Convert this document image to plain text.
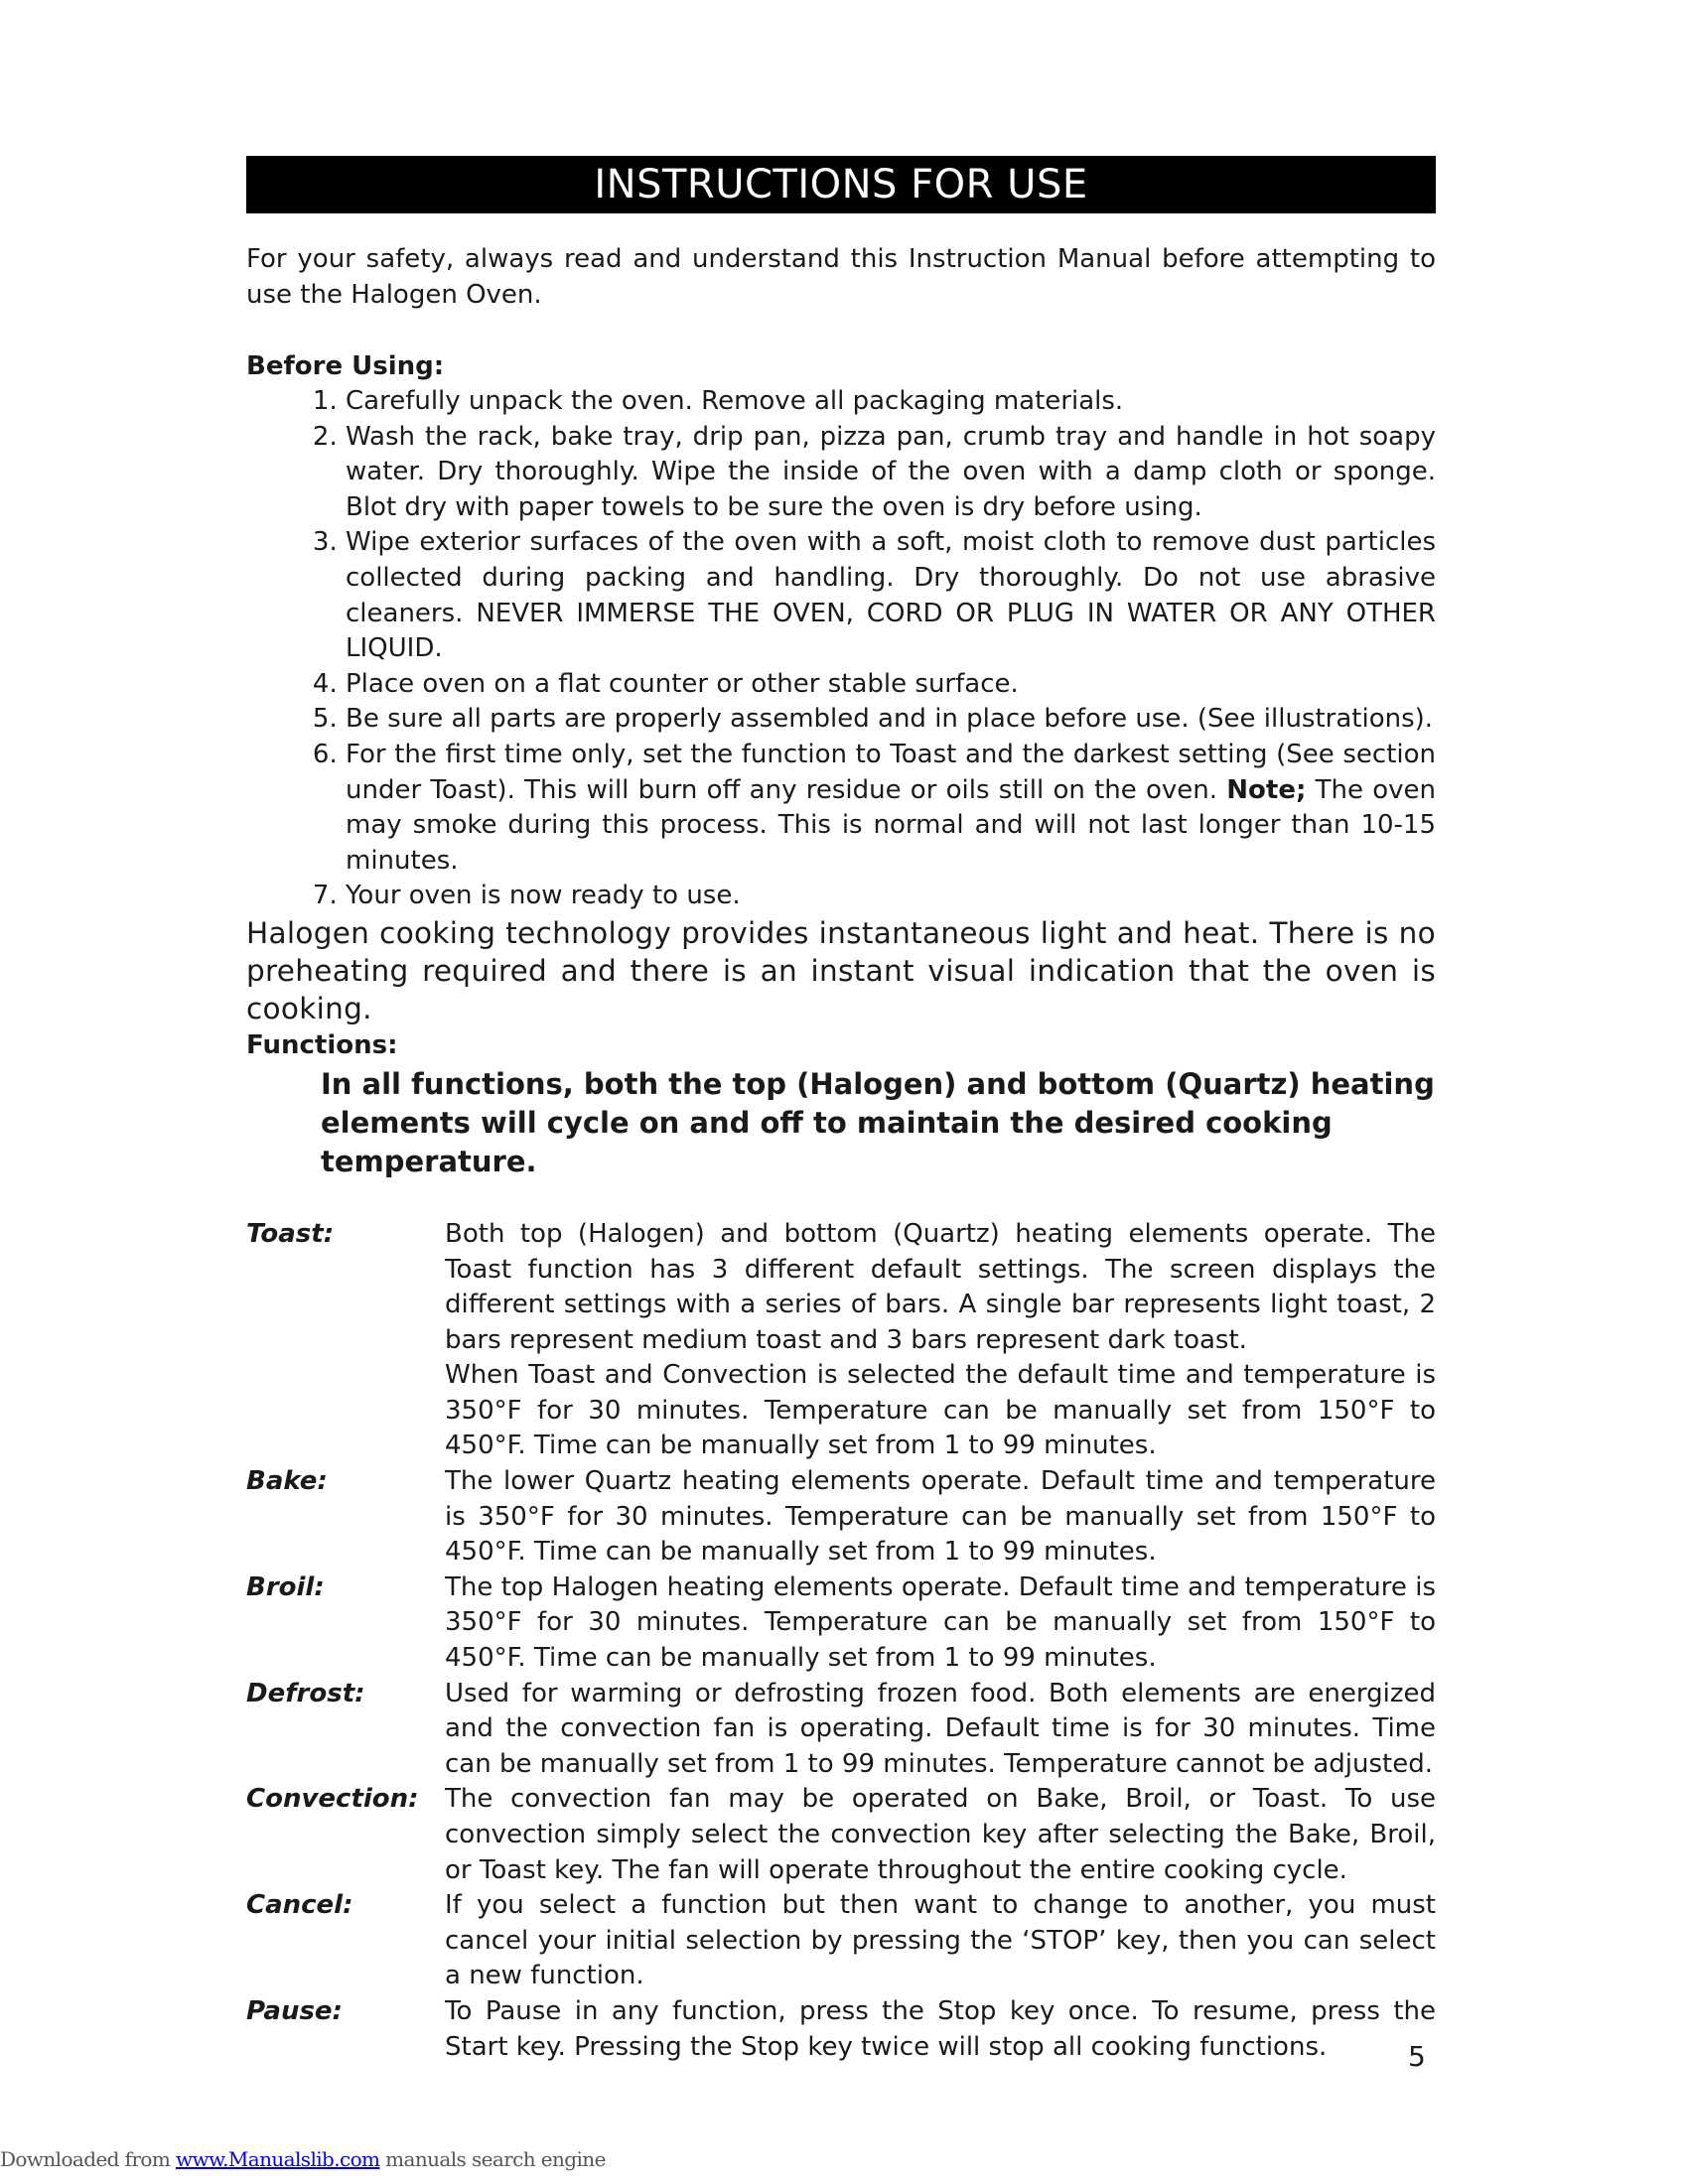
INSTRUCTIONS FOR USE
For your safety, always read and understand this Instruction Manual before attempting to use the Halogen Oven.
Before Using:
1. Carefully unpack the oven. Remove all packaging materials.
2. Wash the rack, bake tray, drip pan, pizza pan, crumb tray and handle in hot soapy water. Dry thoroughly. Wipe the inside of the oven with a damp cloth or sponge. Blot dry with paper towels to be sure the oven is dry before using.
3. Wipe exterior surfaces of the oven with a soft, moist cloth to remove dust particles collected during packing and handling. Dry thoroughly. Do not use abrasive cleaners. NEVER IMMERSE THE OVEN, CORD OR PLUG IN WATER OR ANY OTHER LIQUID.
4. Place oven on a flat counter or other stable surface.
5. Be sure all parts are properly assembled and in place before use. (See illustrations).
6. For the first time only, set the function to Toast and the darkest setting (See section under Toast). This will burn off any residue or oils still on the oven. Note; The oven may smoke during this process. This is normal and will not last longer than 10-15 minutes.
7. Your oven is now ready to use.
Halogen cooking technology provides instantaneous light and heat. There is no preheating required and there is an instant visual indication that the oven is cooking.
Functions:
In all functions, both the top (Halogen) and bottom (Quartz) heating elements will cycle on and off to maintain the desired cooking temperature.
Toast:	Both top (Halogen) and bottom (Quartz) heating elements operate. The Toast function has 3 different default settings. The screen displays the different settings with a series of bars. A single bar represents light toast, 2 bars represent medium toast and 3 bars represent dark toast.
When Toast and Convection is selected the default time and temperature is 350°F for 30 minutes. Temperature can be manually set from 150°F to 450°F. Time can be manually set from 1 to 99 minutes.
Bake:	The lower Quartz heating elements operate. Default time and temperature is 350°F for 30 minutes. Temperature can be manually set from 150°F to 450°F. Time can be manually set from 1 to 99 minutes.
Broil:	The top Halogen heating elements operate. Default time and temperature is 350°F for 30 minutes. Temperature can be manually set from 150°F to 450°F. Time can be manually set from 1 to 99 minutes.
Defrost:	Used for warming or defrosting frozen food. Both elements are energized and the convection fan is operating. Default time is for 30 minutes. Time can be manually set from 1 to 99 minutes. Temperature cannot be adjusted.
Convection:	The convection fan may be operated on Bake, Broil, or Toast. To use convection simply select the convection key after selecting the Bake, Broil, or Toast key. The fan will operate throughout the entire cooking cycle.
Cancel:	If you select a function but then want to change to another, you must cancel your initial selection by pressing the ‘STOP’ key, then you can select a new function.
Pause:	To Pause in any function, press the Stop key once. To resume, press the Start key. Pressing the Stop key twice will stop all cooking functions.	5
Downloaded from www.Manualslib.com manuals search engine
